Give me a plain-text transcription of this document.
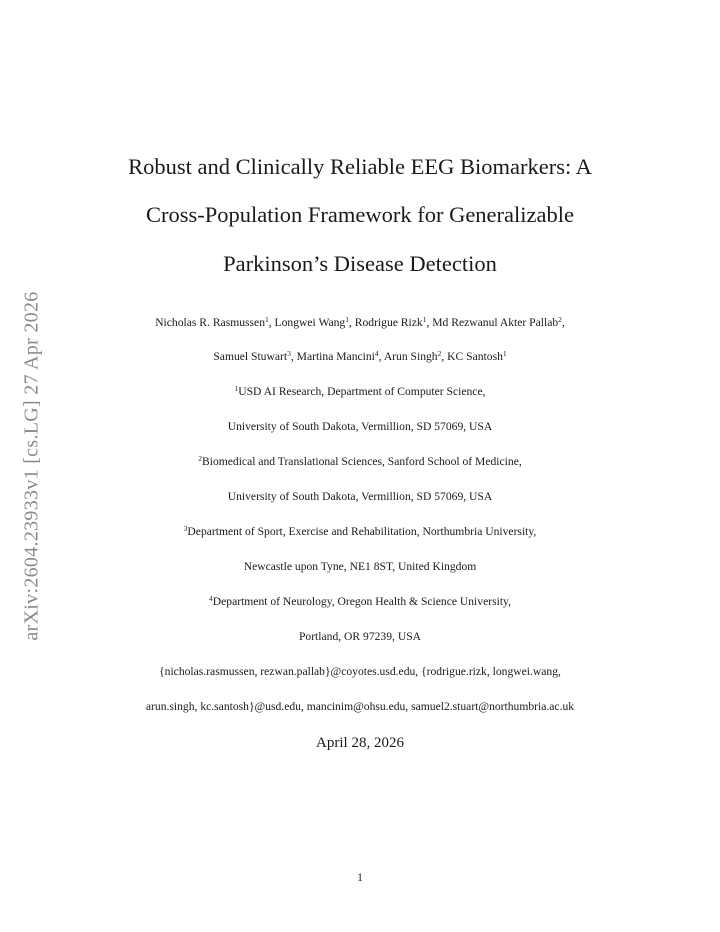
arXiv:2604.23933v1 [cs.LG] 27 Apr 2026
Robust and Clinically Reliable EEG Biomarkers: A
Cross-Population Framework for Generalizable
Parkinson’s Disease Detection
Nicholas R. Rasmussen$^1$, Longwei Wang$^1$, Rodrigue Rizk$^1$, Md Rezwanul Akter Pallab$^2$,
Samuel Stuwart$^3$, Martina Mancini$^4$, Arun Singh$^2$, KC Santosh$^1$
$^1$USD AI Research, Department of Computer Science,
University of South Dakota, Vermillion, SD 57069, USA
$^2$Biomedical and Translational Sciences, Sanford School of Medicine,
University of South Dakota, Vermillion, SD 57069, USA
$^3$Department of Sport, Exercise and Rehabilitation, Northumbria University,
Newcastle upon Tyne, NE1 8ST, United Kingdom
$^4$Department of Neurology, Oregon Health & Science University,
Portland, OR 97239, USA
{nicholas.rasmussen, rezwan.pallab}@coyotes.usd.edu, {rodrigue.rizk, longwei.wang,
arun.singh, kc.santosh}@usd.edu, mancinim@ohsu.edu, samuel2.stuart@northumbria.ac.uk
April 28, 2026
1
